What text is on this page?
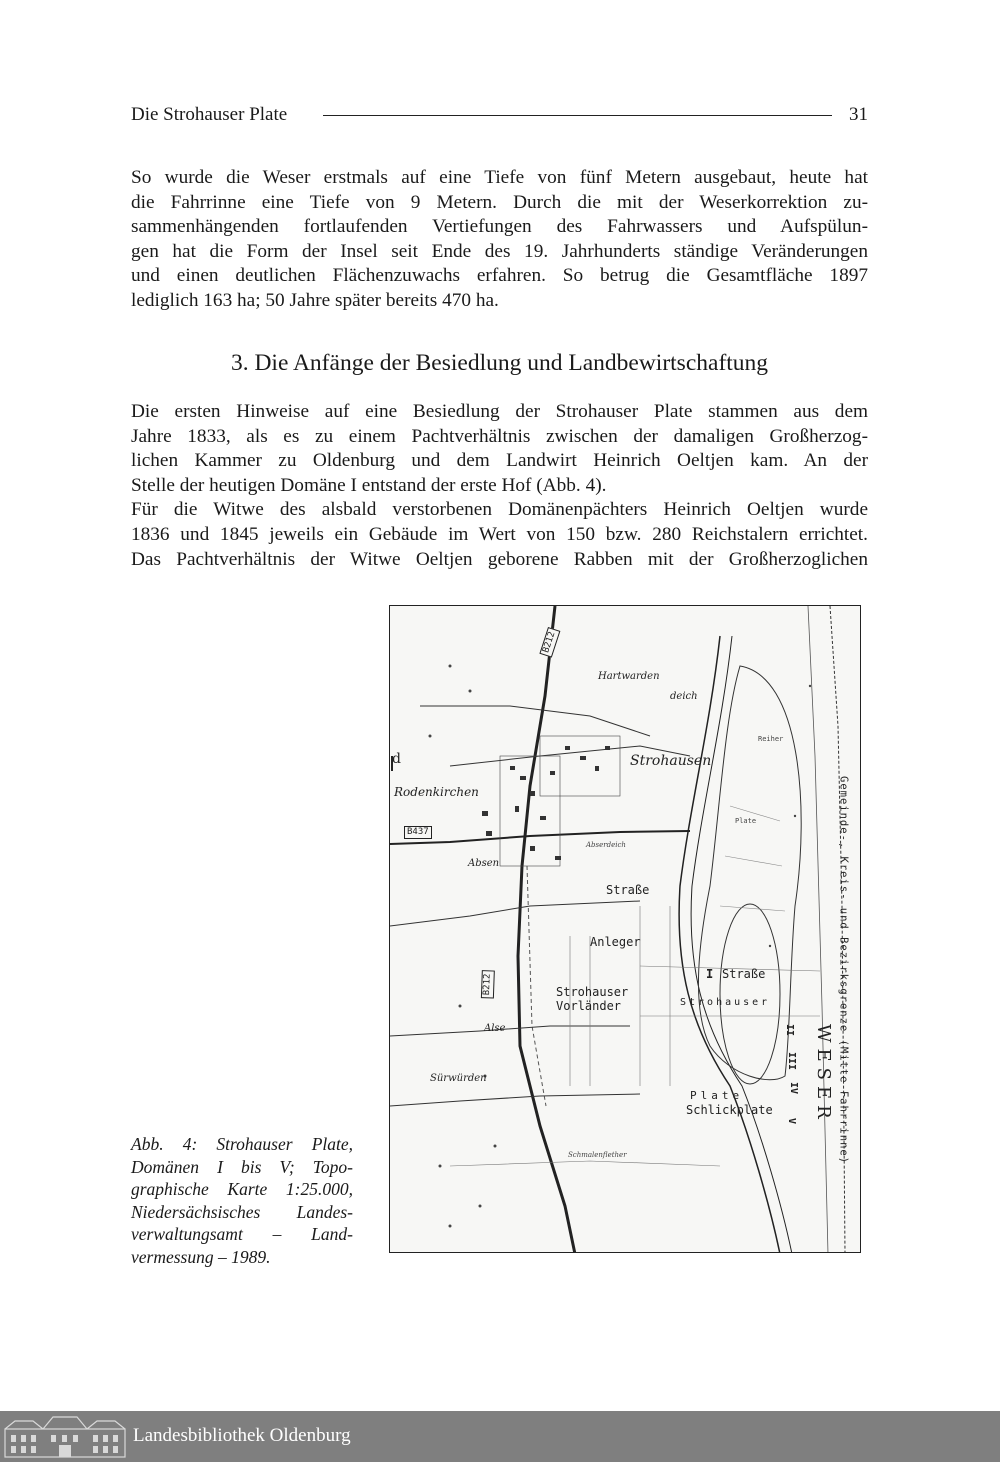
Die Strohauser Plate	31

So wurde die Weser erstmals auf eine Tiefe von fünf Metern ausgebaut, heute hat
die Fahrrinne eine Tiefe von 9 Metern. Durch die mit der Weserkorrektion zu-
sammenhängenden fortlaufenden Vertiefungen des Fahrwassers und Aufspülun-
gen hat die Form der Insel seit Ende des 19. Jahrhunderts ständige Veränderungen
und einen deutlichen Flächenzuwachs erfahren. So betrug die Gesamtfläche 1897
lediglich 163 ha; 50 Jahre später bereits 470 ha.

3. Die Anfänge der Besiedlung und Landbewirtschaftung

Die ersten Hinweise auf eine Besiedlung der Strohauser Plate stammen aus dem
Jahre 1833, als es zu einem Pachtverhältnis zwischen der damaligen Großherzog-
lichen Kammer zu Oldenburg und dem Landwirt Heinrich Oeltjen kam. An der
Stelle der heutigen Domäne I entstand der erste Hof (Abb. 4).
Für die Witwe des alsbald verstorbenen Domänenpächters Heinrich Oeltjen wurde
1836 und 1845 jeweils ein Gebäude im Wert von 150 bzw. 280 Reichstalern errichtet.
Das Pachtverhältnis der Witwe Oeltjen geborene Rabben mit der Großherzoglichen

Hartwarden
deich
Strohausen
Rodenkirchen
B437
B212
B212
Absen
Abserdeich
Straße
Anleger
Straße
I
Strohauser
Vorländer	Strohauser
Alse
Sürwürden
Plate
Schlickplate
Schmalenflether
Plate
Reiher
d
WESER Gemeinde-, Kreis- und Bezirksgrenze (Mitte Fahrrinne)
II
III
IV
V
Abb. 4: Strohauser Plate,
Domänen I bis V; Topo-
graphische Karte 1:25.000,
Niedersächsisches Landes-
verwaltungsamt – Land-
vermessung – 1989.
Landesbibliothek Oldenburg
